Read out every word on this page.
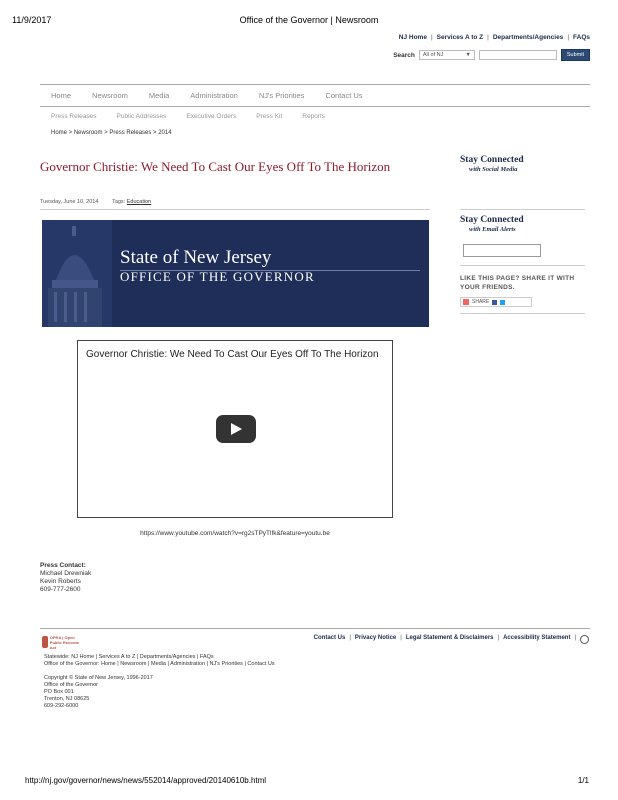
11/9/2017	Office of the Governor | Newsroom
NJ Home | Services A to Z | Departments/Agencies | FAQs
Search All of NJ	▼	Submit
Home	Newsroom	Media	Administration	NJ's Priorities	Contact Us
Press Releases	Public Addresses	Executive Orders	Press Kit	Reports
Home > Newsroom > Press Releases > 2014
Governor Christie: We Need To Cast Our Eyes Off To The Horizon
Tuesday, June 10, 2014 Tags: Education
State of New Jersey
OFFICE OF THE GOVERNOR
Governor Christie: We Need To Cast Our Eyes Off To The Horizon
https://www.youtube.com/watch?v=rg2sTPyTlfk&feature=youtu.be
Press Contact:
Michael Drewniak
Kevin Roberts
609-777-2600
Stay Connected
with Social Media
Stay Connected
with Email Alerts
LIKE THIS PAGE? SHARE IT WITH YOUR FRIENDS.
SHARE
OPRA | Open Public Records Act
Contact Us | Privacy Notice | Legal Statement & Disclaimers | Accessibility Statement |
Statewide: NJ Home | Services A to Z | Departments/Agencies | FAQs
Office of the Governor: Home | Newsroom | Media | Administration | NJ's Priorities | Contact Us
Copyright © State of New Jersey, 1996-2017
Office of the Governor
PO Box 001
Trenton, NJ 08625
609-292-6000
http://nj.gov/governor/news/news/552014/approved/20140610b.html	1/1
